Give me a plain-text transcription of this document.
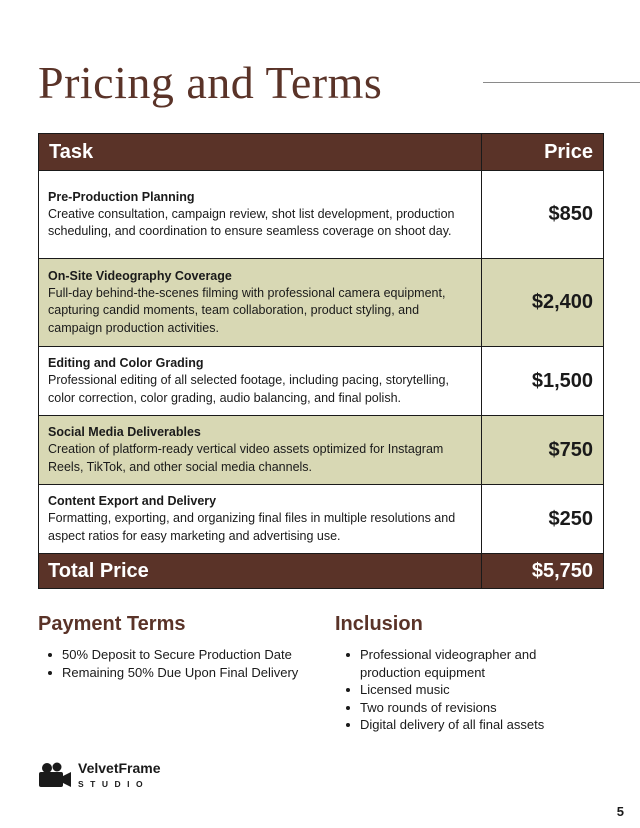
Pricing and Terms
Task	Price

Pre-Production Planning
Creative consultation, campaign review, shot list development, production scheduling, and coordination to ensure seamless coverage on shoot day.	$850

On-Site Videography Coverage
Full-day behind-the-scenes filming with professional camera equipment, capturing candid moments, team collaboration, product styling, and campaign production activities.	$2,400

Editing and Color Grading
Professional editing of all selected footage, including pacing, storytelling, color correction, color grading, audio balancing, and final polish.	$1,500

Social Media Deliverables
Creation of platform-ready vertical video assets optimized for Instagram Reels, TikTok, and other social media channels.	$750

Content Export and Delivery
Formatting, exporting, and organizing final files in multiple resolutions and aspect ratios for easy marketing and advertising use.	$250
Total Price	$5,750
Payment Terms
50% Deposit to Secure Production Date
Remaining 50% Due Upon Final Delivery
Inclusion
Professional videographer and production equipment
Licensed music
Two rounds of revisions
Digital delivery of all final assets
VelvetFrame
STUDIO
5
